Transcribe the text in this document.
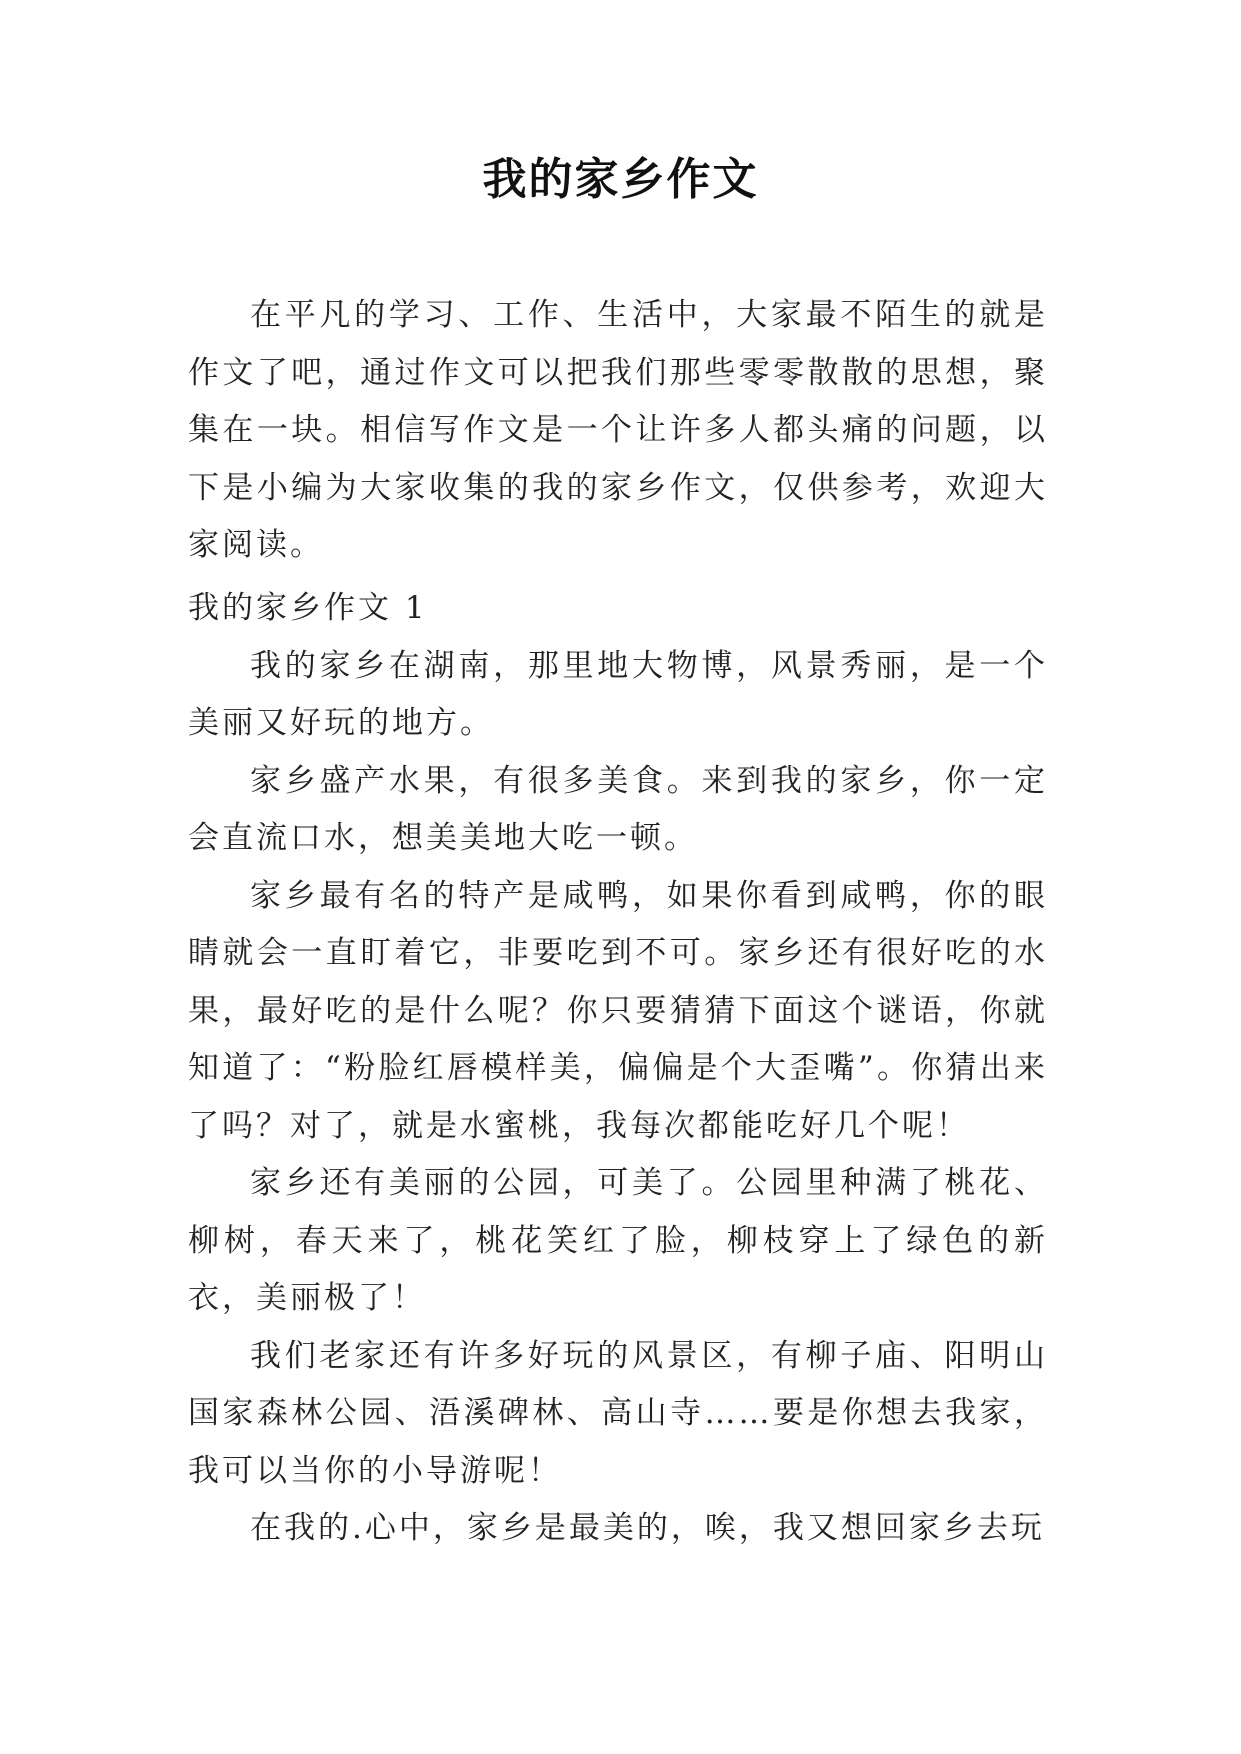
我的家乡作文

在平凡的学习、工作、生活中，大家最不陌生的就是作文了吧，通过作文可以把我们那些零零散散的思想，聚集在一块。相信写作文是一个让许多人都头痛的问题，以下是小编为大家收集的我的家乡作文，仅供参考，欢迎大家阅读。

我的家乡作文 1

我的家乡在湖南，那里地大物博，风景秀丽，是一个美丽又好玩的地方。

家乡盛产水果，有很多美食。来到我的家乡，你一定会直流口水，想美美地大吃一顿。

家乡最有名的特产是咸鸭，如果你看到咸鸭，你的眼睛就会一直盯着它，非要吃到不可。家乡还有很好吃的水果，最好吃的是什么呢？你只要猜猜下面这个谜语，你就知道了：“粉脸红唇模样美，偏偏是个大歪嘴”。你猜出来了吗？对了，就是水蜜桃，我每次都能吃好几个呢！

家乡还有美丽的公园，可美了。公园里种满了桃花、柳树，春天来了，桃花笑红了脸，柳枝穿上了绿色的新衣，美丽极了！

我们老家还有许多好玩的风景区，有柳子庙、阳明山国家森林公园、浯溪碑林、高山寺……要是你想去我家，我可以当你的小导游呢！

在我的.心中，家乡是最美的，唉，我又想回家乡去玩
